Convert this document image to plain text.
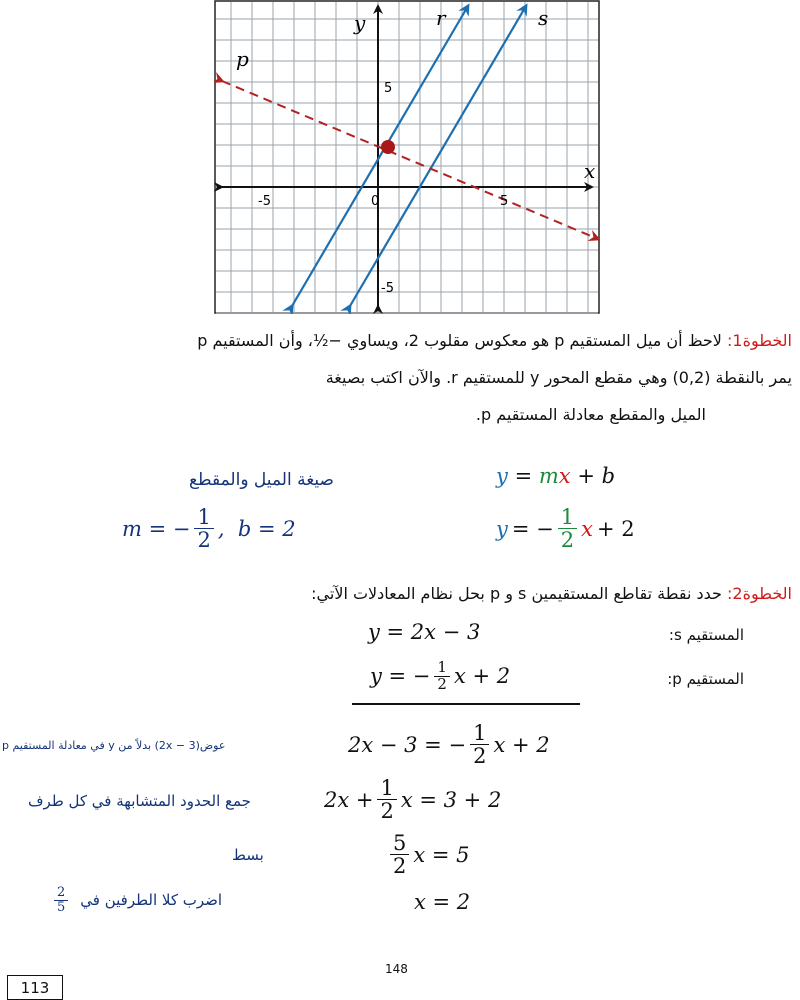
y
x
r	s
p
-5	0	5
5
-5
الخطوة1: لاحظ أن ميل المستقيم p هو معكوس مقلوب 2، ويساوي −½، وأن المستقيم p
يمر بالنقطة (0,2) وهي مقطع المحور y للمستقيم r. والآن اكتب بصيغة
الميل والمقطع معادلة المستقيم p.
صيغة الميل والمقطع	y = mx + b
m = − $\frac{1}{2}$ ,  b = 2	y = − $\frac{1}{2}$ x + 2
الخطوة2: حدد نقطة تقاطع المستقيمين s و p بحل نظام المعادلات الآتي:
المستقيم s:
y = 2x − 3
المستقيم p:
y = − $\frac{1}{2}$ x + 2
عوض(2x − 3) بدلاً من y في معادلة المستقيم p	2x − 3 = − $\frac{1}{2}$ x + 2
جمع الحدود المتشابهة في كل طرف	$2x + \frac{1}{2}$ x = 3 + 2
بسط	$\frac{5}{2}$ x = 5
$\frac{2}{5}$ اضرب كلا الطرفين في	x = 2
148
113
